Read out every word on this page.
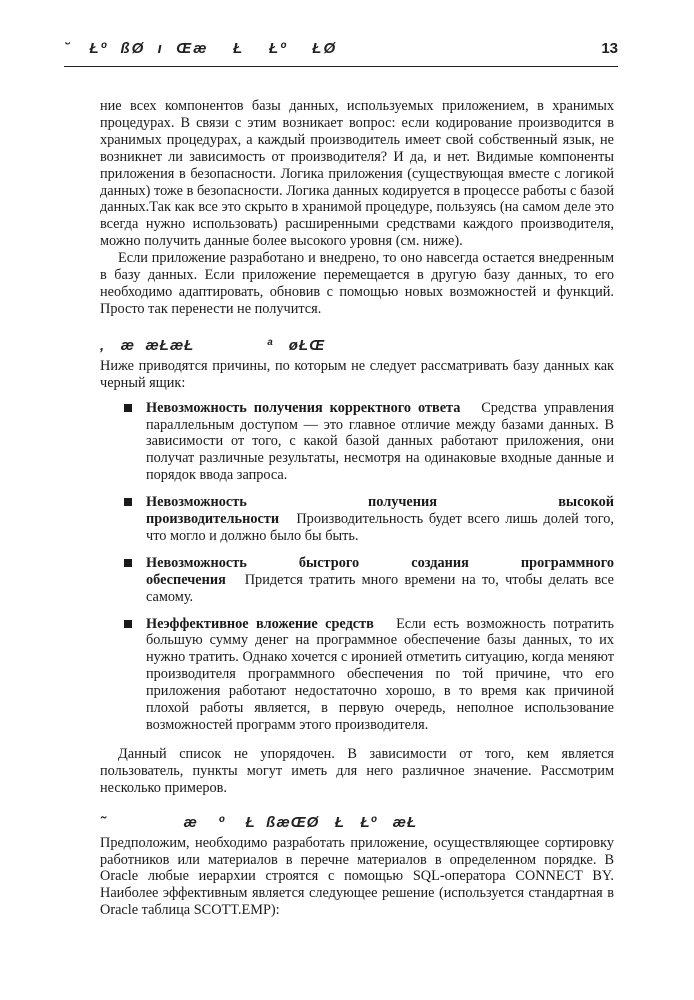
˘   Łº  ßØ  ı  Œæ    Ł    Łº    ŁØ	13

ние всех компонентов базы данных, используемых приложением, в хранимых процедурах. В связи с этим возникает вопрос: если кодирование производится в хранимых процедурах, а каждый производитель имеет свой собственный язык, не возникнет ли зависимость от производителя? И да, и нет. Видимые компоненты приложения в безопасности. Логика приложения (существующая вместе с логикой данных) тоже в безопасности. Логика данных кодируется в процессе работы с базой данных.Так как все это скрыто в хранимой процедуре, пользуясь (на самом деле это всегда нужно использовать) расширенными средствами каждого производителя, можно получить данные более высокого уровня (см. ниже).

Если приложение разработано и внедрено, то оно навсегда остается внедренным в базу данных. Если приложение перемещается в другую базу данных, то его необходимо адаптировать, обновив с помощью новых возможностей и функций. Просто так перенести не получится.

‚   æ  æŁæŁ              ª   øŁŒ

Ниже приводятся причины, по которым не следует рассматривать базу данных как черный ящик:

Невозможность получения корректного ответа Средства управления параллельным доступом — это главное отличие между базами данных. В зависимости от того, с какой базой данных работают приложения, они получат различные результаты, несмотря на одинаковые входные данные и порядок ввода запроса.

Невозможность получения высокой производительности Производительность будет всего лишь долей того, что могло и должно было бы быть.

Невозможность быстрого создания программного обеспечения Придется тратить много времени на то, чтобы делать все самому.

Неэффективное вложение средств Если есть возможность потратить большую сумму денег на программное обеспечение базы данных, то их нужно тратить. Однако хочется с иронией отметить ситуацию, когда меняют производителя программного обеспечения по той причине, что его приложения работают недостаточно хорошо, в то время как причиной плохой работы является, в первую очередь, неполное использование возможностей программ этого производителя.

Данный список не упорядочен. В зависимости от того, кем является пользователь, пункты могут иметь для него различное значение. Рассмотрим несколько примеров.

˜               æ    º    Ł  ßæŒØ   Ł   Łº   æŁ

Предположим, необходимо разработать приложение, осуществляющее сортировку работников или материалов в перечне материалов в определенном порядке. В Oracle любые иерархии строятся с помощью SQL-оператора CONNECT BY. Наиболее эффективным является следующее решение (используется стандартная в Oracle таблица SCOTT.EMP):
